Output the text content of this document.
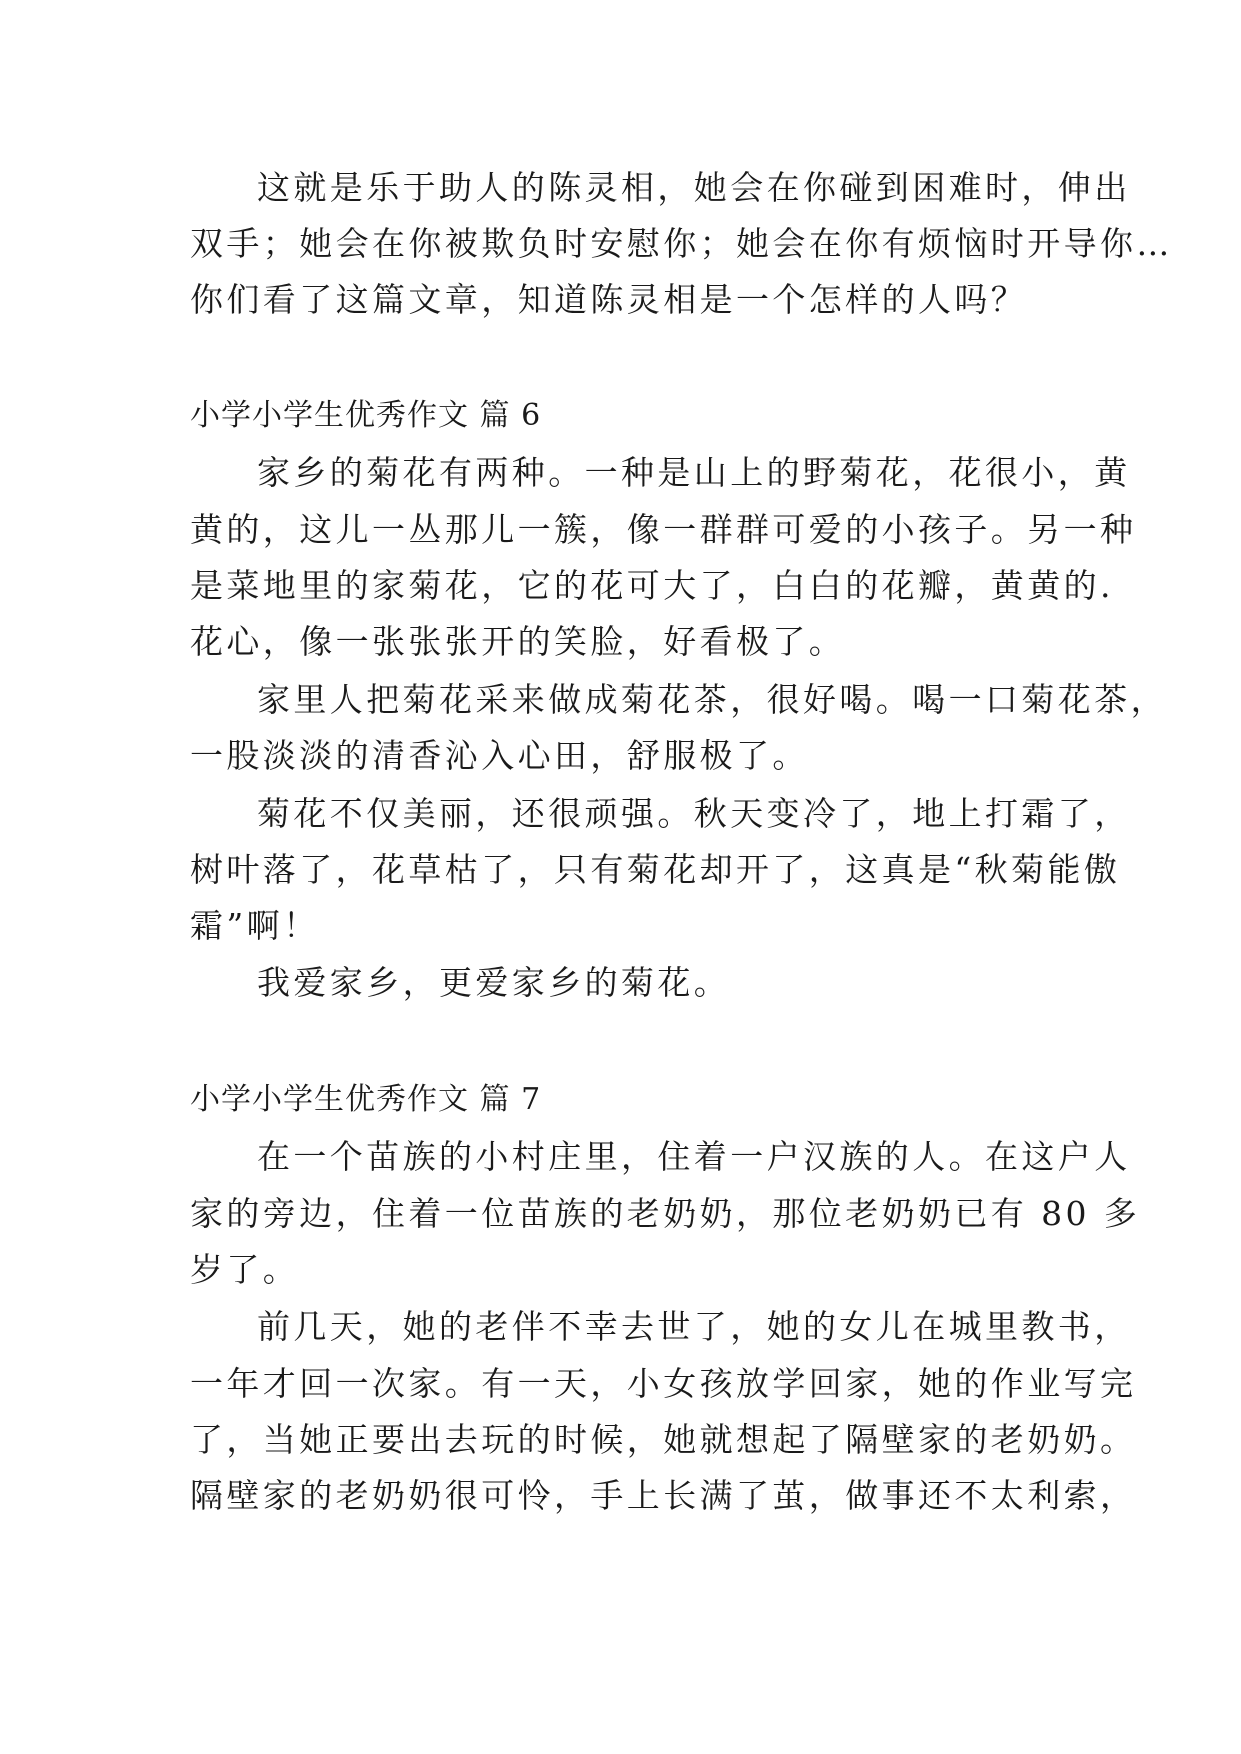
这就是乐于助人的陈灵相，她会在你碰到困难时，伸出
双手；她会在你被欺负时安慰你；她会在你有烦恼时开导你…
你们看了这篇文章，知道陈灵相是一个怎样的人吗？
小学小学生优秀作文 篇 6
家乡的菊花有两种。一种是山上的野菊花，花很小，黄
黄的，这儿一丛那儿一簇，像一群群可爱的小孩子。另一种
是菜地里的家菊花，它的花可大了，白白的花瓣，黄黄的.
花心，像一张张张开的笑脸，好看极了。
家里人把菊花采来做成菊花茶，很好喝。喝一口菊花茶，
一股淡淡的清香沁入心田，舒服极了。
菊花不仅美丽，还很顽强。秋天变冷了，地上打霜了，
树叶落了，花草枯了，只有菊花却开了，这真是“秋菊能傲
霜”啊！
我爱家乡，更爱家乡的菊花。
小学小学生优秀作文 篇 7
在一个苗族的小村庄里，住着一户汉族的人。在这户人
家的旁边，住着一位苗族的老奶奶，那位老奶奶已有 80 多
岁了。
前几天，她的老伴不幸去世了，她的女儿在城里教书，
一年才回一次家。有一天，小女孩放学回家，她的作业写完
了，当她正要出去玩的时候，她就想起了隔壁家的老奶奶。
隔壁家的老奶奶很可怜，手上长满了茧，做事还不太利索，
